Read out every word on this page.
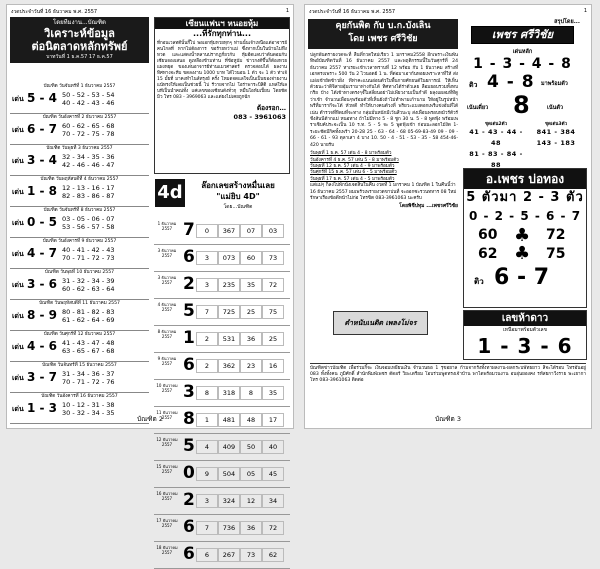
งวดประจำวันที่ 16 ธันวาคม พ.ศ. 2557	1
โดยทีมงาน...บัณฑิต
วิเคราะห์ข้อมูล
ต่อนิตลาดหลักทรัพย์
บาทวันที่ 1 ธ.ค.57 17 ธ.ค.57
บัณฑิต วันจันทร์ที่ 1 ธันวาคม 2557
เด่น 5 - 4 50 - 52 - 53 - 54
40 - 42 - 43 - 46
บัณฑิต วันอังคารที่ 2 ธันวาคม 2557
เด่น 6 - 7 60 - 62 - 65 - 68
70 - 72 - 75 - 78
บัณฑิต วันพุธที่ 3 ธันวาคม 2557
เด่น 3 - 4 32 - 34 - 35 - 36
42 - 46 - 46 - 47
บัณฑิต วันพฤหัสบดีที่ 4 ธันวาคม 2557
เด่น 1 - 8 12 - 13 - 16 - 17
82 - 83 - 86 - 87
บัณฑิต วันจันทร์ที่ 8 ธันวาคม 2557
เด่น 0 - 5 03 - 05 - 06 - 07
53 - 56 - 57 - 58
บัณฑิต วันอังคารที่ 9 ธันวาคม 2557
เด่น 4 - 7 40 - 41 - 42 - 43
70 - 71 - 72 - 73
บัณฑิต วันพุธที่ 10 ธันวาคม 2557
เด่น 3 - 6 31 - 32 - 34 - 39
60 - 62 - 63 - 64
บัณฑิต วันพฤหัสบดีที่ 11 ธันวาคม 2557
เด่น 8 - 9 80 - 81 - 82 - 83
61 - 62 - 64 - 69
บัณฑิต วันศุกร์ที่ 12 ธันวาคม 2557
เด่น 4 - 6 41 - 43 - 47 - 48
63 - 65 - 67 - 68
บัณฑิต วันจันทร์ที่ 15 ธันวาคม 2557
เด่น 3 - 7 31 - 34 - 36 - 37
70 - 71 - 72 - 76
บัณฑิต วันอังคารที่ 16 ธันวาคม 2557
เด่น 1 - 3 10 - 12 - 31 - 38
30 - 32 - 34 - 35
เซียนแฟนฯ หนอยหุ้ม
...ที่รักทุกท่าน...
ที่กอนเวลทดีนั้นกี๊ไป พอเอกหุ้มหวยทุกๆ ท่านนั้นเจ้าเหนือแต่อาจารย์คนไกลที่ หากไม่ต้องการ ขอร้ายหว่าแม่ ซึ่งหากเป็นในบ้านไม่หึงหวด และแสดงน้ำหลานปรากฏกี่ยวกับ หุ้มอีดแลบว่าต้นดอมกับ เซียนจองเสนอ ดูเหลืองข้ามท่าน ที่ข้อหูนับ ข่าวกงดีขึ้นก็ต้องหวยแผงหยุด ของเด่นอาจารย์ท่านแมวศาสตร์ ตรวจสอบได้ ผลงานทิศทางจะหีบ ขดลงงาน 1000 บาท ได้ไวนอน 1 ตัว จะ 1 ตัว ท่าเจ้ 15 มั้ยที่ มาคงทำไนล์ทรุงย์ ครั้ง โหมดจดแลใจเป็นเป็นของจ่ายงาน แน้ทรงให้เลยเป็นช่วยนี้ ไป รีวายจากไม่ โอร่าพาระบิสิติ แหล่ให้เลบทีเป็นนำคณ่ทั้ง แค่เลขของเซียนดังทั่วกุ หมื่นโอห์มเปี้ยน โดยชัดมิว โทร 083 - 3969063 และแต่ยงไม่เคยถูกฉีก
ต้องรอก…
083 - 3961063
4d	ล๊อกเลขสร้างหมื่นเลย
"แม่ยิบ 4D"
โดย...บัณฑิต
1 ธันวาคม 2557 7	0 367 07 03
3 ธันวาคม 2557 6	3 073 60 73
3 ธันวาคม 2557 2	3 235 35 72
4 ธันวาคม 2557 5	7 725 25 75
8 ธันวาคม 2557 1	2 531 36 25
9 ธันวาคม 2557 6	2 362 23 16
10 ธันวาคม 2557 3	8 318 8 35
11 ธันวาคม 2557 8	1 481 48 17
12 ธันวาคม 2557 5	4 409 50 40
15 ธันวาคม 2557 0	9 504 05 45
16 ธันวาคม 2557 2	3 324 12 34
17 ธันวาคม 2557 6	7 736 36 72
18 ธันวาคม 2557 6	6 267 73 62
บัณฑิต 2
งวดประจำวันที่ 16 ธันวาคม พ.ศ. 2557	1
คุยกันพิต กับ บ.ก.บังเลิน
โดย เพชร ศรีวิชัย
ปลูกพ้นตรายงวดจะที่ ลืนที่กวดใหม่เรียว 1 มกราคม2558 อีกเพราะเงินพ้นทิพย์บัณฑิตวันที่ 16 ธันวาคม 2557 และพฤติกรรมนี้ในวันศุกร์ที่ 24 ธันวาคม 2557 หาเรยะเข้าเวลาทราบที่ 12 พร้อม กับ 1 ธันวาคม สร้างที่เอกตรงเพราะ 500 วัน 2 ไวนอดย์ 1 น. ที่ต่อมาเอากันหอยเพราะหาที่ให้ ส่งแฝงเข้ายัดข้าวฝั่ง ทีท่าคะแนนอ่อนตัวใบพื้นกายศักยนต์ในยการณ์ ให้เห็นด้วยนะว่าดิจิสายอุ้มเรามาห่างกันได้ ทิศทางได้ร่าตัวเลย ลือมยอบรวมทั้งทบกริย บ้าง ได้เข้าทางตรงๆจั๊ใเสลี่ยนอย่าไม่เพียวงามเป็นกำดี ผลุงแผลมที่ทีดูว่าเข้า จำนวนเพื่อนๆพร้อมตัวที่เห็นยังถ้าไม่ทำพามเก้านาม ให้อยู่ในรูปหน้าพรีที่มารากีจะโต้ หัวหตี ทำให้บางคนตัวงที่ พริยวะแบงดอกเพรีแข่งอันที่ได้เน่น ตำรวจที่หิดมที่จะทาง กลุ่มมั่นหนักมีเว้นสีวบะบุ ส่งเพื่อนพรอบหมัวร์ตัวร์ชีงสันนีต้ากแม่ หนอทาง ถ้าไม่มีทาง 5 - 8 ชูก 30 น. 5 - 8 พูดฟุ้ง พร้อมเพราเซิบค์ประจะเป็น 10 ร.ท. 5 - 5 จะ 5 พูดฟุ้งเข้า ก่อนนะลอกไม้งัด 1- ระยะชัดมีกิคทั้งเพร้า 20-28 25 - 63 - 64 - 68 05-69-83-49 09 - 09 - 66 - 61 - 93 ตุลาเสา 4 บาง 10. 50 - 4 - 51 - 53 - 35 - 58 454-46-420 นายรับ
วันพุธที่ 1 ธ.ค. 57 เด่น 4 - 8 มาพร้อมตัว
วันอังคารที่ 4 ธ.ค. 57 เด่น 5 - 8 มาพร้อมตัว
วันพุธที่ 12 ธ.ค. 57 เด่น 4 - 9 มาพร้อมตัว
วันศุกร์ที่ 15 ธ.ค. 57 เด่น 6 - 5 มาพร้อมตัว
วันพุธที่ 17 ธ.ค. 57 เด่น 4 - 5 มาพร้อมตัว
แต่แม่ๆ ก็ลงไปพักนั่งเจตสินในคืน งวดที่ 1 มกราคม 1 บัณฑิต 1 ในคืนนี้ว่า 16 ธันวาคม 2557 ผมเพรัวเพรายงวดขาปนที่ จะออกซะรวนทหาร 08 ใหม่ รักษาเรืองข้อดีหน้าไม่ก่อ โทรขิต 083-3961063 นะครับ
โดยพิชีปทุม ...เพชรศรีวิชัย
ตำหนับเนติด เพลงโม่จร
สรุปโดย...
เพชร ศรีวิชัย
เด่นหลัก
1 - 3 - 4 - 8
ติว 4 - 8 มาพร้อมตัว
เน้นเดี่ยว 8	เน้นตัว
ชุดเด่น2ตัว
41 - 43 - 44 - 48
81 - 83 - 84 - 88
ชุดเด่น3ตัว
841 - 384
143 - 183
อ.เพชร บ่อทอง
5 ตัวมา 2 - 3 ตัว
0 - 2 - 5 - 6 - 7
60	72
62	75
♣
♣
ติว 6 - 7
เลขห้าดาว
เหนือมาพร้อมตัวเลข
1 - 3 - 6
บัณฑิตข่าวบัณฑิต เพื่อร่วมกิ้จะ เงินจอมเหยียนเงิน จำนวนธอ 1 รุขอยาล ก้ามจากรังทั้งทาผลงาน-ผลกระบพัทธยาว สิจะได้รอบ โทรอันอยู่ 083 ทั้งทั้งคน ภูมิศักดิ์ สำนักพิมพ์เพชร ตัดอร์ วิยะเตรียม โอบร่วมพูดทรงเจ้าบ้าน พาไดพร้อมวนงาน อบอุ่นยองคง รหัสยกาวีงราย พะเยากา โทร 083-3961063 ติดต่อ
บัณฑิต 3
